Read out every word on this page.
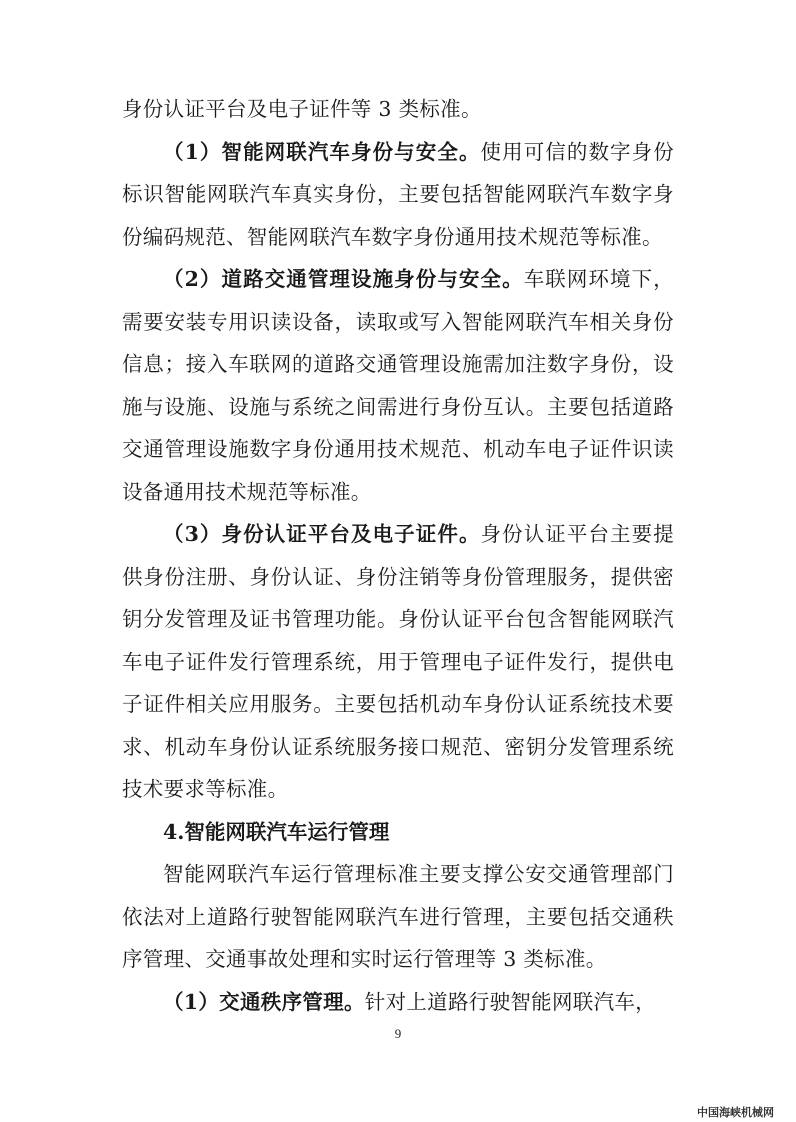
身份认证平台及电子证件等 3 类标准。

（1）智能网联汽车身份与安全。使用可信的数字身份标识智能网联汽车真实身份，主要包括智能网联汽车数字身份编码规范、智能网联汽车数字身份通用技术规范等标准。

（2）道路交通管理设施身份与安全。车联网环境下，需要安装专用识读设备，读取或写入智能网联汽车相关身份信息；接入车联网的道路交通管理设施需加注数字身份，设施与设施、设施与系统之间需进行身份互认。主要包括道路交通管理设施数字身份通用技术规范、机动车电子证件识读设备通用技术规范等标准。

（3）身份认证平台及电子证件。身份认证平台主要提供身份注册、身份认证、身份注销等身份管理服务，提供密钥分发管理及证书管理功能。身份认证平台包含智能网联汽车电子证件发行管理系统，用于管理电子证件发行，提供电子证件相关应用服务。主要包括机动车身份认证系统技术要求、机动车身份认证系统服务接口规范、密钥分发管理系统技术要求等标准。

4.智能网联汽车运行管理

智能网联汽车运行管理标准主要支撑公安交通管理部门依法对上道路行驶智能网联汽车进行管理，主要包括交通秩序管理、交通事故处理和实时运行管理等 3 类标准。

（1）交通秩序管理。针对上道路行驶智能网联汽车，

9
中国海峡机械网
